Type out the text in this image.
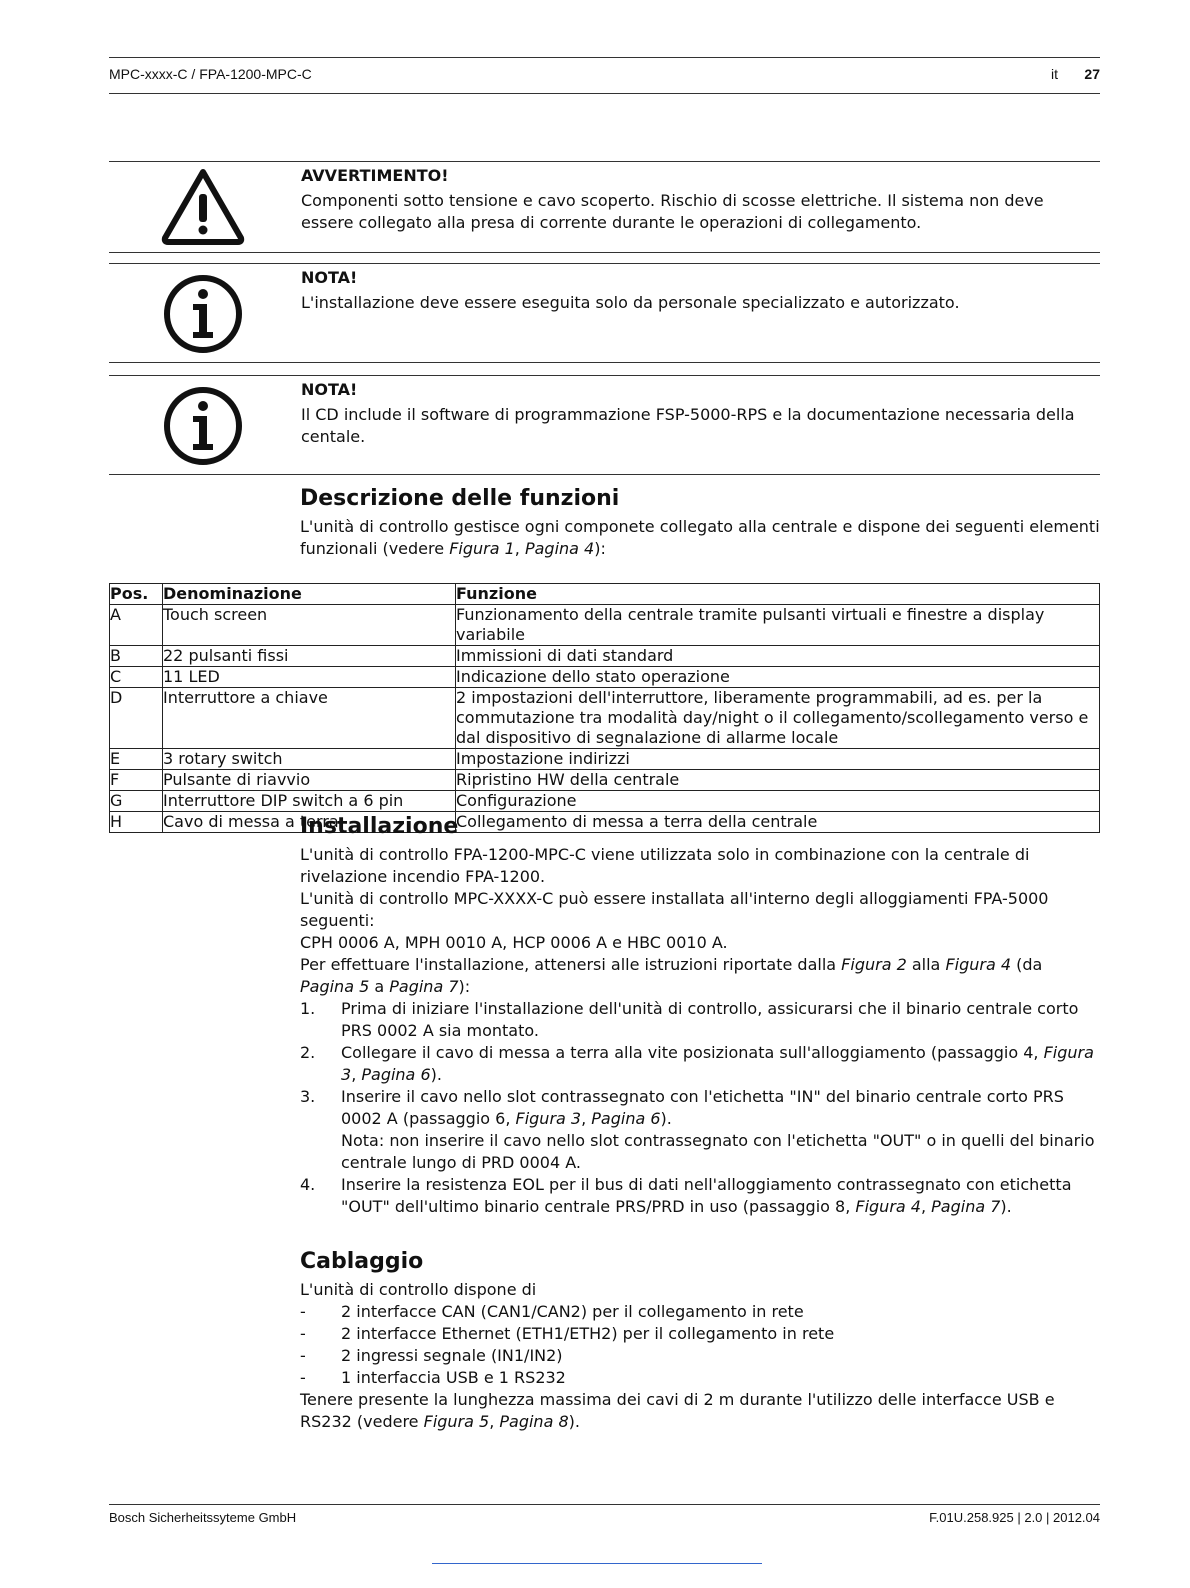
MPC-xxxx-C / FPA-1200-MPC-C	it 27
AVVERTIMENTO!
Componenti sotto tensione e cavo scoperto. Rischio di scosse elettriche. Il sistema non deve essere collegato alla presa di corrente durante le operazioni di collegamento.
NOTA!
L'installazione deve essere eseguita solo da personale specializzato e autorizzato.
NOTA!
Il CD include il software di programmazione FSP-5000-RPS e la documentazione necessaria della centale.
Descrizione delle funzioni
L'unità di controllo gestisce ogni componete collegato alla centrale e dispone dei seguenti elementi funzionali (vedere Figura 1, Pagina 4):
Pos.	Denominazione	Funzione
A	Touch screen	Funzionamento della centrale tramite pulsanti virtuali e finestre a display variabile
B	22 pulsanti fissi	Immissioni di dati standard
C	11 LED	Indicazione dello stato operazione
D	Interruttore a chiave	2 impostazioni dell'interruttore, liberamente programmabili, ad es. per la commutazione tra modalità day/night o il collegamento/scollegamento verso e dal dispositivo di segnalazione di allarme locale
E	3 rotary switch	Impostazione indirizzi
F	Pulsante di riavvio	Ripristino HW della centrale
G	Interruttore DIP switch a 6 pin	Configurazione
H	Cavo di messa a terra	Collegamento di messa a terra della centrale
Installazione

L'unità di controllo FPA-1200-MPC-C viene utilizzata solo in combinazione con la centrale di rivelazione incendio FPA-1200.

L'unità di controllo MPC-XXXX-C può essere installata all'interno degli alloggiamenti FPA-5000 seguenti:

CPH 0006 A, MPH 0010 A, HCP 0006 A e HBC 0010 A.

Per effettuare l'installazione, attenersi alle istruzioni riportate dalla Figura 2 alla Figura 4 (da Pagina 5 a Pagina 7):

1. Prima di iniziare l'installazione dell'unità di controllo, assicurarsi che il binario centrale corto PRS 0002 A sia montato.
2. Collegare il cavo di messa a terra alla vite posizionata sull'alloggiamento (passaggio 4, Figura 3, Pagina 6).
3. Inserire il cavo nello slot contrassegnato con l'etichetta "IN" del binario centrale corto PRS 0002 A (passaggio 6, Figura 3, Pagina 6).
Nota: non inserire il cavo nello slot contrassegnato con l'etichetta "OUT" o in quelli del binario centrale lungo di PRD 0004 A.
4. Inserire la resistenza EOL per il bus di dati nell'alloggiamento contrassegnato con etichetta "OUT" dell'ultimo binario centrale PRS/PRD in uso (passaggio 8, Figura 4, Pagina 7).
Cablaggio

L'unità di controllo dispone di

- 2 interfacce CAN (CAN1/CAN2) per il collegamento in rete
- 2 interfacce Ethernet (ETH1/ETH2) per il collegamento in rete
- 2 ingressi segnale (IN1/IN2)
- 1 interfaccia USB e 1 RS232

Tenere presente la lunghezza massima dei cavi di 2 m durante l'utilizzo delle interfacce USB e RS232 (vedere Figura 5, Pagina 8).

Bosch Sicherheitssyteme GmbH	F.01U.258.925 | 2.0 | 2012.04
